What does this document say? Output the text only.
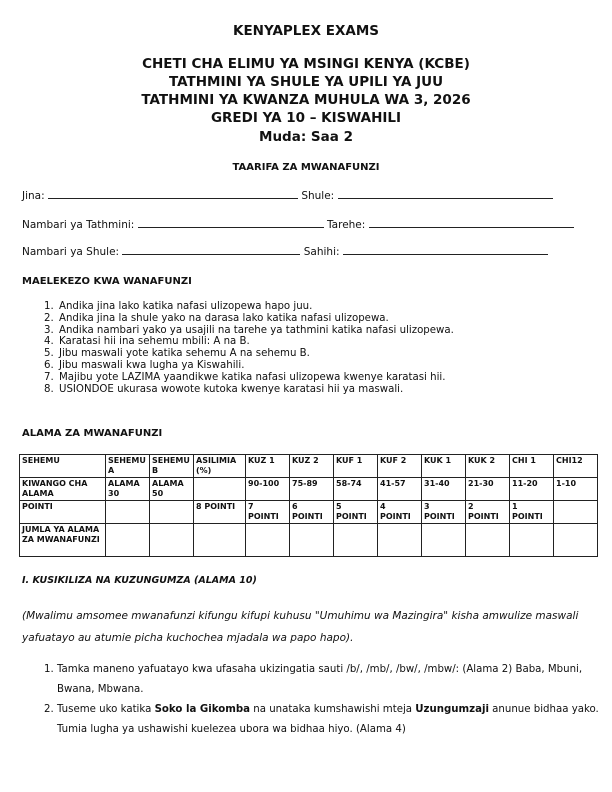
KENYAPLEX EXAMS
CHETI CHA ELIMU YA MSINGI KENYA (KCBE)
TATHMINI YA SHULE YA UPILI YA JUU
TATHMINI YA KWANZA MUHULA WA 3, 2026
GREDI YA 10 – KISWAHILI
Muda: Saa 2
TAARIFA ZA MWANAFUNZI
Jina:	Shule:
Nambari ya Tathmini:	Tarehe:
Nambari ya Shule:	Sahihi:
MAELEKEZO KWA WANAFUNZI
1. Andika jina lako katika nafasi ulizopewa hapo juu.
2. Andika jina la shule yako na darasa lako katika nafasi ulizopewa.
3. Andika nambari yako ya usajili na tarehe ya tathmini katika nafasi ulizopewa.
4. Karatasi hii ina sehemu mbili: A na B.
5. Jibu maswali yote katika sehemu A na sehemu B.
6. Jibu maswali kwa lugha ya Kiswahili.
7. Majibu yote LAZIMA yaandikwe katika nafasi ulizopewa kwenye karatasi hii.
8. USIONDOE ukurasa wowote kutoka kwenye karatasi hii ya maswali.
ALAMA ZA MWANAFUNZI
SEHEMU	SEHEMU A	SEHEMU B	ASILIMIA (%)	KUZ 1	KUZ 2	KUF 1	KUF 2	KUK 1	KUK 2	CHI 1	CHI12
KIWANGO CHA ALAMA	ALAMA 30	ALAMA 50		90-100	75-89	58-74	41-57	31-40	21-30	11-20	1-10
POINTI			8 POINTI	7 POINTI	6 POINTI	5 POINTI	4 POINTI	3 POINTI	2 POINTI	1 POINTI	
JUMLA YA ALAMA ZA MWANAFUNZI											
I. KUSIKILIZA NA KUZUNGUMZA (ALAMA 10)
(Mwalimu amsomee mwanafunzi kifungu kifupi kuhusu "Umuhimu wa Mazingira" kisha amwulize maswali yafuatayo au atumie picha kuchochea mjadala wa papo hapo).
1. Tamka maneno yafuatayo kwa ufasaha ukizingatia sauti /b/, /mb/, /bw/, /mbw/: (Alama 2) Baba, Mbuni, Bwana, Mbwana.
2. Tuseme uko katika Soko la Gikomba na unataka kumshawishi mteja Uzungumzaji anunue bidhaa yako. Tumia lugha ya ushawishi kuelezea ubora wa bidhaa hiyo. (Alama 4)
